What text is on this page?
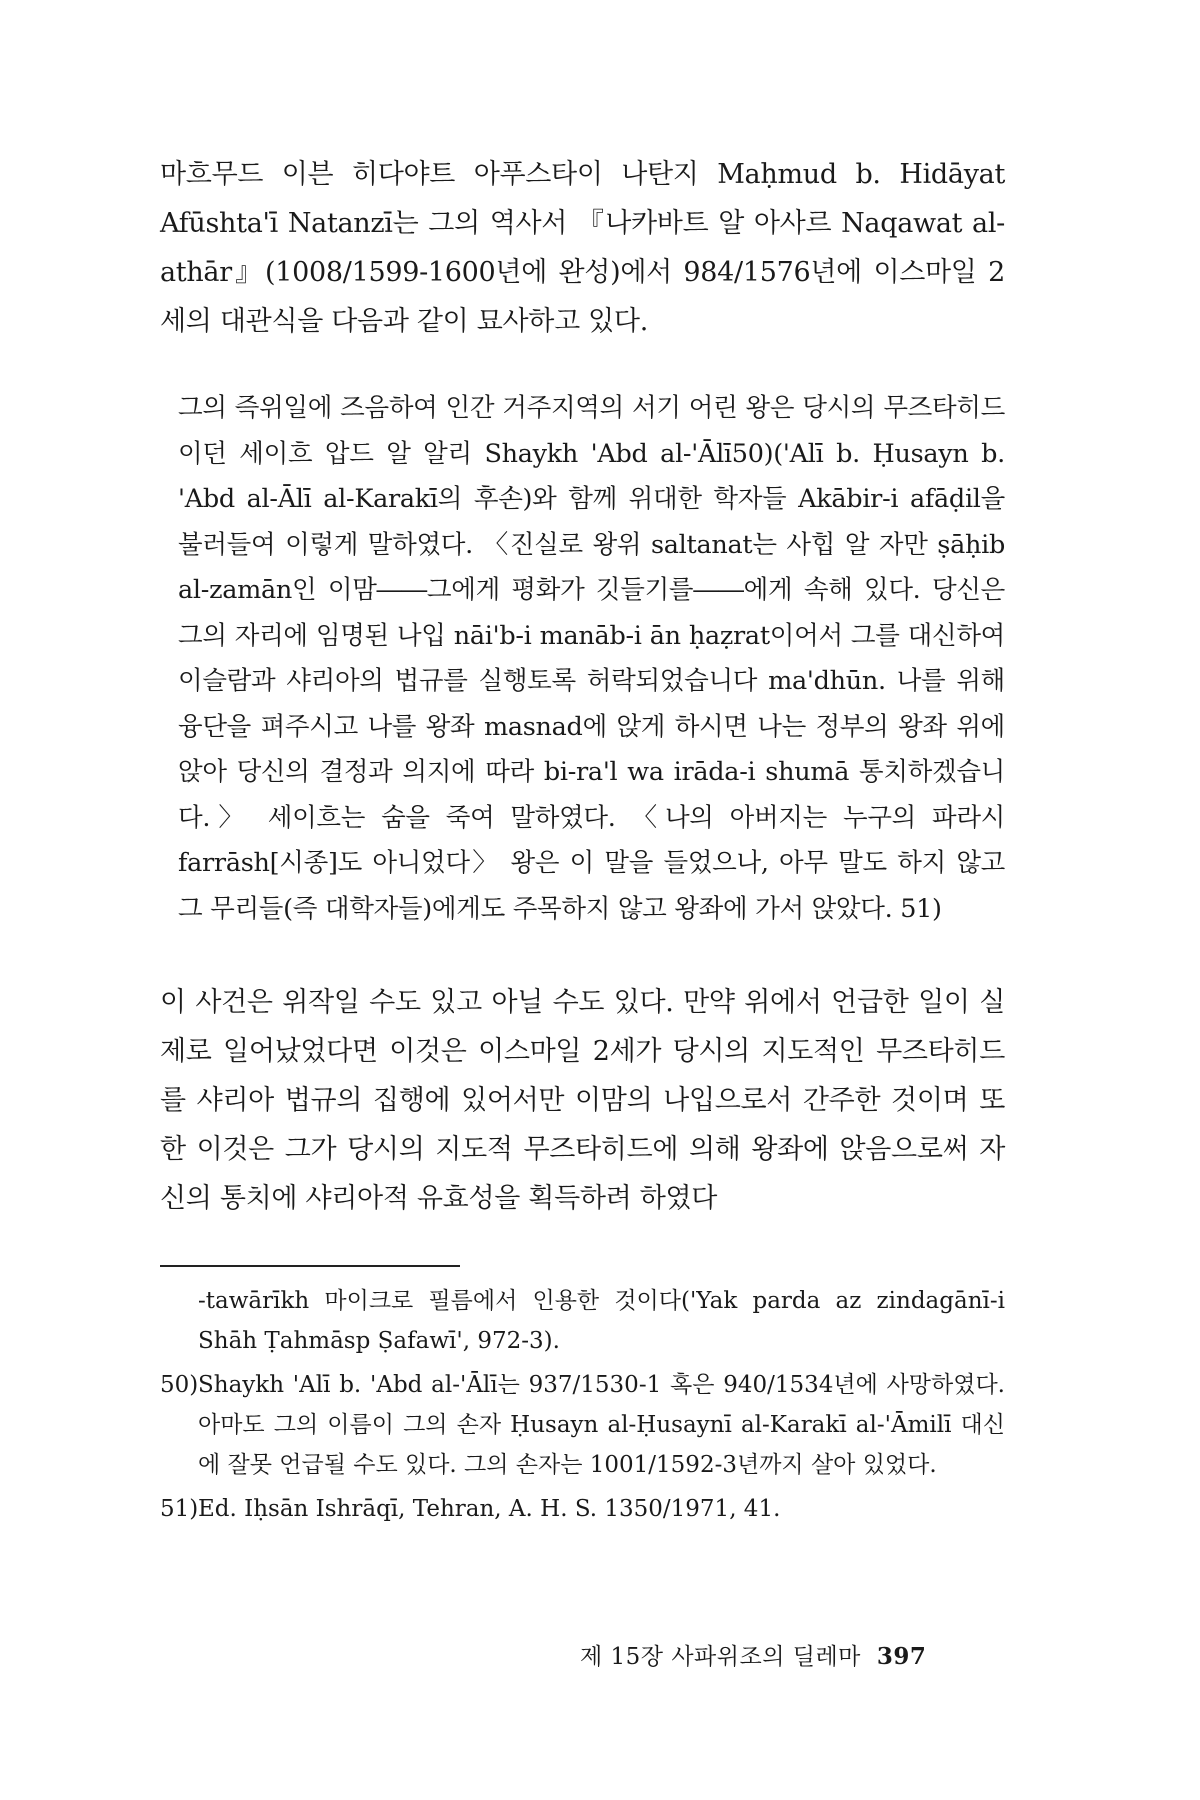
마흐무드 이븐 히다야트 아푸스타이 나탄지 Maḥmud b. Hidāyat Afūshta'ī Natanzī는 그의 역사서 『나카바트 알 아사르 Naqawat al-athār』(1008/1599-1600년에 완성)에서 984/1576년에 이스마일 2세의 대관식을 다음과 같이 묘사하고 있다.

그의 즉위일에 즈음하여 인간 거주지역의 서기 어린 왕은 당시의 무즈타히드이던 세이흐 압드 알 알리 Shaykh 'Abd al-'Ālī50)('Alī b. Ḥusayn b. 'Abd al-Ālī al-Karakī의 후손)와 함께 위대한 학자들 Akābir-i afāḍil을 불러들여 이렇게 말하였다. 〈진실로 왕위 saltanat는 사힙 알 자만 ṣāḥib al-zamān인 이맘――그에게 평화가 깃들기를――에게 속해 있다. 당신은 그의 자리에 임명된 나입 nāi'b-i manāb-i ān ḥaẓrat이어서 그를 대신하여 이슬람과 샤리아의 법규를 실행토록 허락되었습니다 ma'dhūn. 나를 위해 융단을 펴주시고 나를 왕좌 masnad에 앉게 하시면 나는 정부의 왕좌 위에 앉아 당신의 결정과 의지에 따라 bi-ra'l wa irāda-i shumā 통치하겠습니다.〉 세이흐는 숨을 죽여 말하였다. 〈나의 아버지는 누구의 파라시 farrāsh[시종]도 아니었다〉 왕은 이 말을 들었으나, 아무 말도 하지 않고 그 무리들(즉 대학자들)에게도 주목하지 않고 왕좌에 가서 앉았다. 51)

이 사건은 위작일 수도 있고 아닐 수도 있다. 만약 위에서 언급한 일이 실제로 일어났었다면 이것은 이스마일 2세가 당시의 지도적인 무즈타히드를 샤리아 법규의 집행에 있어서만 이맘의 나입으로서 간주한 것이며 또한 이것은 그가 당시의 지도적 무즈타히드에 의해 왕좌에 앉음으로써 자신의 통치에 샤리아적 유효성을 획득하려 하였다

-tawārīkh 마이크로 필름에서 인용한 것이다('Yak parda az zindagānī-i Shāh Ṭahmāsp Ṣafawī', 972-3).
50) Shaykh 'Alī b. 'Abd al-'Ālī는 937/1530-1 혹은 940/1534년에 사망하였다. 아마도 그의 이름이 그의 손자 Ḥusayn al-Ḥusaynī al-Karakī al-'Āmilī 대신에 잘못 언급될 수도 있다. 그의 손자는 1001/1592-3년까지 살아 있었다.
51) Ed. Iḥsān Ishrāqī, Tehran, A. H. S. 1350/1971, 41.
제 15장 사파위조의 딜레마 397
